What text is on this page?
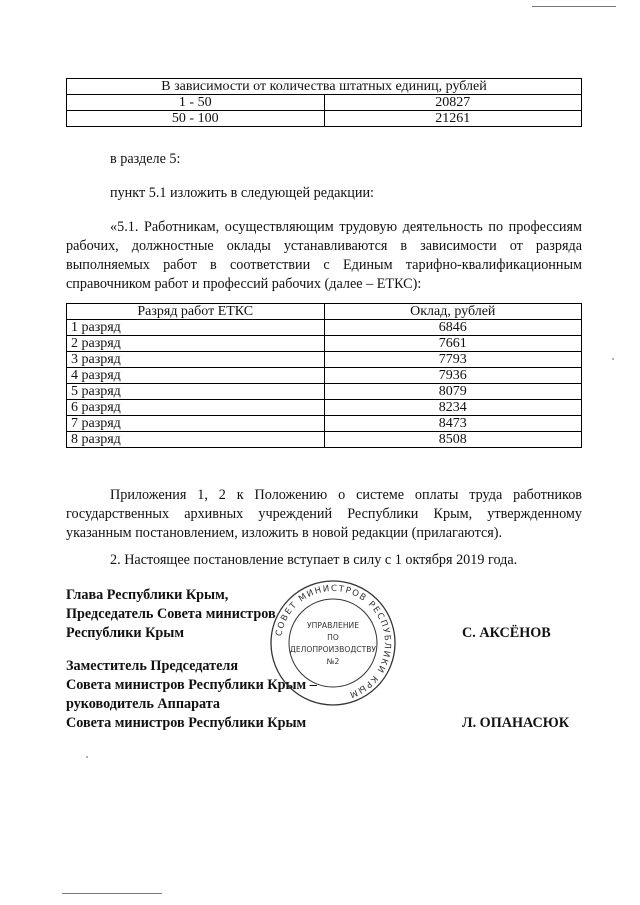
В зависимости от количества штатных единиц, рублей	
1 - 50	20827
50 - 100	21261
в разделе 5:
пункт 5.1 изложить в следующей редакции:
«5.1. Работникам, осуществляющим трудовую деятельность по профессиям рабочих, должностные оклады устанавливаются в зависимости от разряда выполняемых работ в соответствии с Единым тарифно-квалификационным справочником работ и профессий рабочих (далее – ЕТКС):
Разряд работ ЕТКС	Оклад, рублей
1 разряд	6846
2 разряд	7661
3 разряд	7793
4 разряд	7936
5 разряд	8079
6 разряд	8234
7 разряд	8473
8 разряд	8508
Приложения 1, 2 к Положению о системе оплаты труда работников государственных архивных учреждений Республики Крым, утвержденному указанным постановлением, изложить в новой редакции (прилагаются).
2. Настоящее постановление вступает в силу с 1 октября 2019 года.
Глава Республики Крым,
Председатель Совета министров
Республики Крым	С. АКСЁНОВ
Заместитель Председателя
Совета министров Республики Крым –
руководитель Аппарата
Совета министров Республики Крым	Л. ОПАНАСЮК
СОВЕТ МИНИСТРОВ РЕСПУБЛИКИ КРЫМ
УПРАВЛЕНИЕ
ПО
ДЕЛОПРОИЗВОДСТВУ
№2
